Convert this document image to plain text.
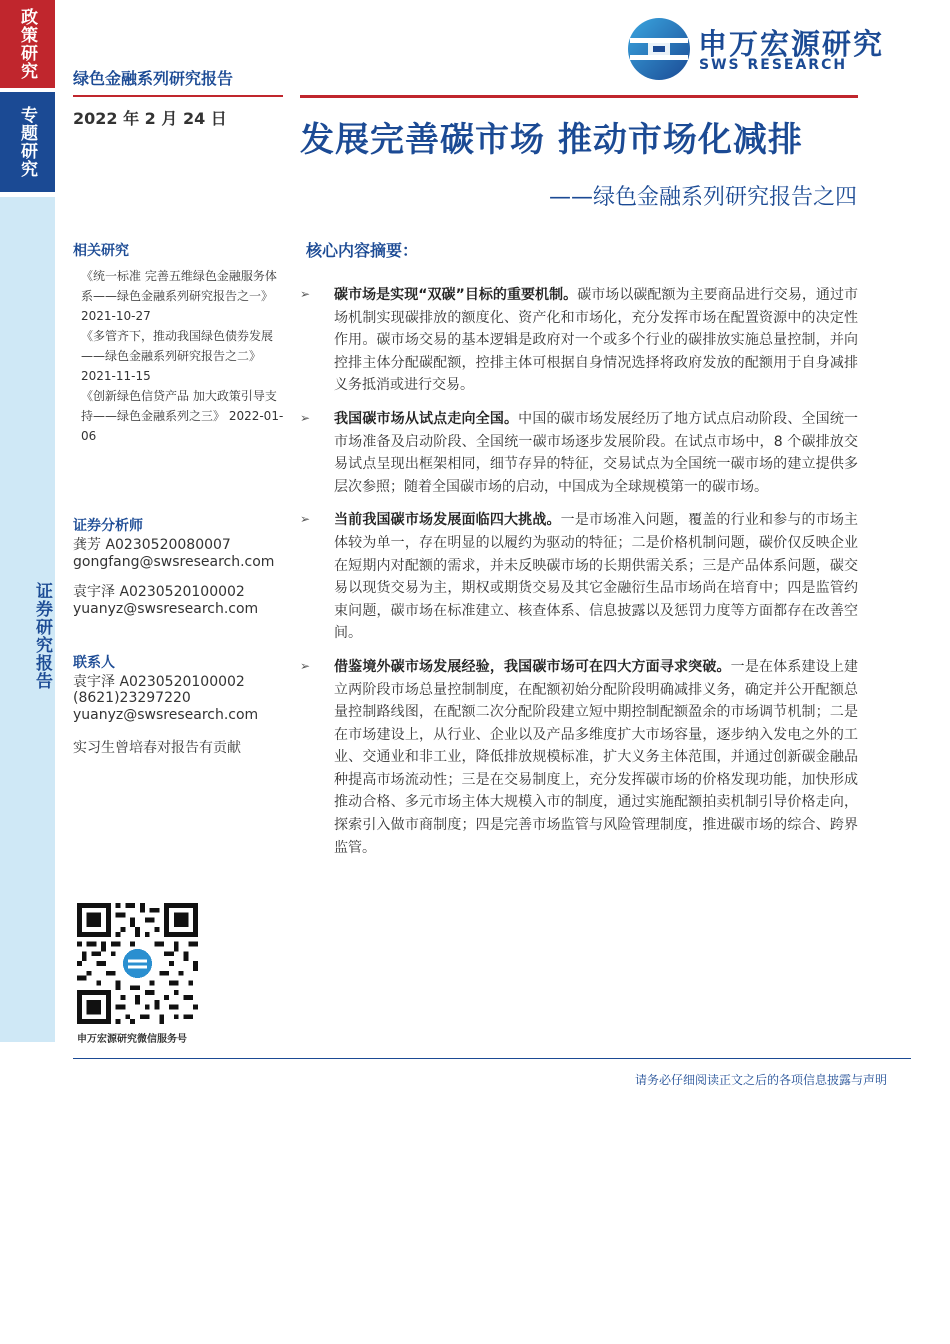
政策研究
专题研究
证券研究报告
绿色金融系列研究报告
2022 年 2 月 24 日
申万宏源研究
SWS RESEARCH
发展完善碳市场 推动市场化减排
——绿色金融系列研究报告之四
相关研究
《统一标准 完善五维绿色金融服务体系——绿色金融系列研究报告之一》 2021-10-27
《多管齐下，推动我国绿色债券发展——绿色金融系列研究报告之二》 2021-11-15
《创新绿色信贷产品 加大政策引导支持——绿色金融系列之三》 2022-01-06
证券分析师
龚芳 A0230520080007
gongfang@swsresearch.com
袁宇泽 A0230520100002
yuanyz@swsresearch.com
联系人
袁宇泽 A0230520100002
(8621)23297220
yuanyz@swsresearch.com
实习生曾培春对报告有贡献
申万宏源研究微信服务号
核心内容摘要：
➢	碳市场是实现“双碳”目标的重要机制。碳市场以碳配额为主要商品进行交易，通过市场机制实现碳排放的额度化、资产化和市场化，充分发挥市场在配置资源中的决定性作用。碳市场交易的基本逻辑是政府对一个或多个行业的碳排放实施总量控制，并向控排主体分配碳配额，控排主体可根据自身情况选择将政府发放的配额用于自身减排义务抵消或进行交易。
➢	我国碳市场从试点走向全国。中国的碳市场发展经历了地方试点启动阶段、全国统一市场准备及启动阶段、全国统一碳市场逐步发展阶段。在试点市场中，8 个碳排放交易试点呈现出框架相同，细节存异的特征，交易试点为全国统一碳市场的建立提供多层次参照；随着全国碳市场的启动，中国成为全球规模第一的碳市场。
➢	当前我国碳市场发展面临四大挑战。一是市场准入问题，覆盖的行业和参与的市场主体较为单一，存在明显的以履约为驱动的特征；二是价格机制问题，碳价仅反映企业在短期内对配额的需求，并未反映碳市场的长期供需关系；三是产品体系问题，碳交易以现货交易为主，期权或期货交易及其它金融衍生品市场尚在培育中；四是监管约束问题，碳市场在标准建立、核查体系、信息披露以及惩罚力度等方面都存在改善空间。
➢	借鉴境外碳市场发展经验，我国碳市场可在四大方面寻求突破。一是在体系建设上建立两阶段市场总量控制制度，在配额初始分配阶段明确减排义务，确定并公开配额总量控制路线图，在配额二次分配阶段建立短中期控制配额盈余的市场调节机制；二是在市场建设上，从行业、企业以及产品多维度扩大市场容量，逐步纳入发电之外的工业、交通业和非工业，降低排放规模标准，扩大义务主体范围，并通过创新碳金融品种提高市场流动性；三是在交易制度上，充分发挥碳市场的价格发现功能，加快形成推动合格、多元市场主体大规模入市的制度，通过实施配额拍卖机制引导价格走向，探索引入做市商制度；四是完善市场监管与风险管理制度，推进碳市场的综合、跨界监管。
请务必仔细阅读正文之后的各项信息披露与声明
